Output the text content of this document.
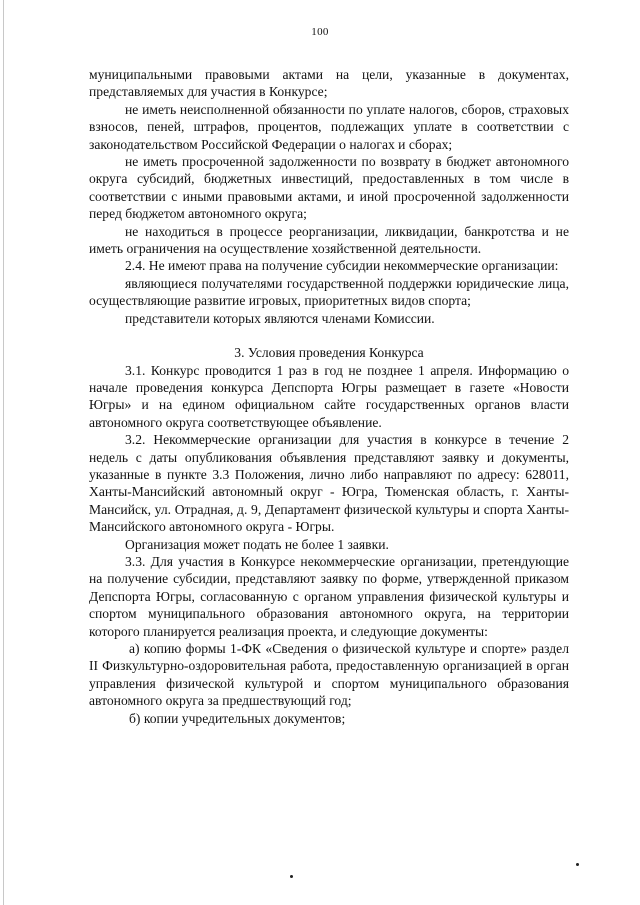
100

муниципальными правовыми актами на цели, указанные в документах, представляемых для участия в Конкурсе;

не иметь неисполненной обязанности по уплате налогов, сборов, страховых взносов, пеней, штрафов, процентов, подлежащих уплате в соответствии с законодательством Российской Федерации о налогах и сборах;

не иметь просроченной задолженности по возврату в бюджет автономного округа субсидий, бюджетных инвестиций, предоставленных в том числе в соответствии с иными правовыми актами, и иной просроченной задолженности перед бюджетом автономного округа;

не находиться в процессе реорганизации, ликвидации, банкротства и не иметь ограничения на осуществление хозяйственной деятельности.

2.4. Не имеют права на получение субсидии некоммерческие организации:

являющиеся получателями государственной поддержки юридические лица, осуществляющие развитие игровых, приоритетных видов спорта;

представители которых являются членами Комиссии.

3. Условия проведения Конкурса

3.1. Конкурс проводится 1 раз в год не позднее 1 апреля. Информацию о начале проведения конкурса Депспорта Югры размещает в газете «Новости Югры» и на едином официальном сайте государственных органов власти автономного округа соответствующее объявление.

3.2. Некоммерческие организации для участия в конкурсе в течение 2 недель с даты опубликования объявления представляют заявку и документы, указанные в пункте 3.3 Положения, лично либо направляют по адресу: 628011, Ханты-Мансийский автономный округ - Югра, Тюменская область, г. Ханты-Мансийск, ул. Отрадная, д. 9, Департамент физической культуры и спорта Ханты-Мансийского автономного округа - Югры.

Организация может подать не более 1 заявки.

3.3. Для участия в Конкурсе некоммерческие организации, претендующие на получение субсидии, представляют заявку по форме, утвержденной приказом Депспорта Югры, согласованную с органом управления физической культуры и спортом муниципального образования автономного округа, на территории которого планируется реализация проекта, и следующие документы:

а) копию формы 1-ФК «Сведения о физической культуре и спорте» раздел II Физкультурно-оздоровительная работа, предоставленную организацией в орган управления физической культурой и спортом муниципального образования автономного округа за предшествующий год;

б) копии учредительных документов;
